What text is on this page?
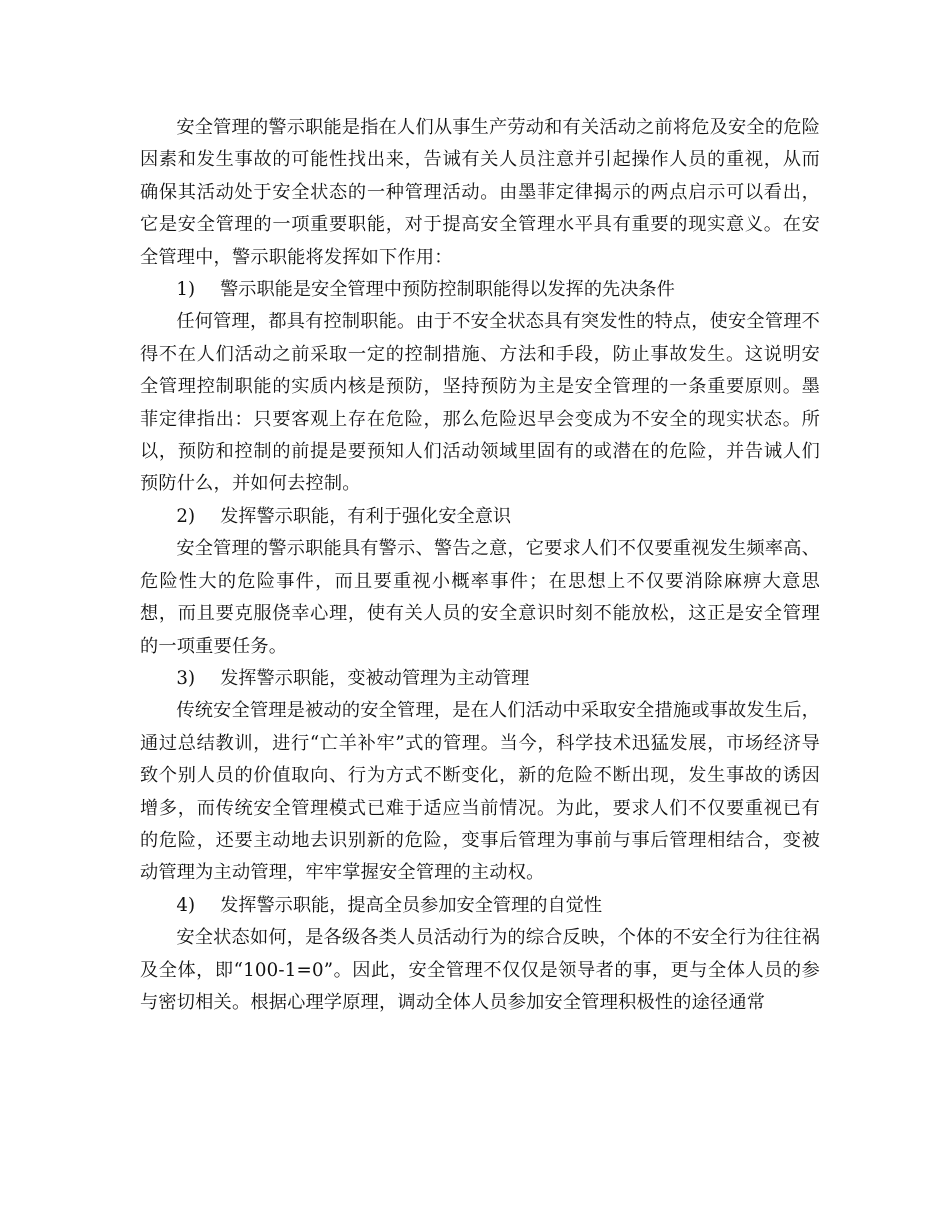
安全管理的警示职能是指在人们从事生产劳动和有关活动之前将危及安全的危险因素和发生事故的可能性找出来，告诫有关人员注意并引起操作人员的重视，从而确保其活动处于安全状态的一种管理活动。由墨菲定律揭示的两点启示可以看出，它是安全管理的一项重要职能，对于提高安全管理水平具有重要的现实意义。在安全管理中，警示职能将发挥如下作用：

1) 警示职能是安全管理中预防控制职能得以发挥的先决条件

任何管理，都具有控制职能。由于不安全状态具有突发性的特点，使安全管理不得不在人们活动之前采取一定的控制措施、方法和手段，防止事故发生。这说明安全管理控制职能的实质内核是预防，坚持预防为主是安全管理的一条重要原则。墨菲定律指出：只要客观上存在危险，那么危险迟早会变成为不安全的现实状态。所以，预防和控制的前提是要预知人们活动领域里固有的或潜在的危险，并告诫人们预防什么，并如何去控制。

2) 发挥警示职能，有利于强化安全意识

安全管理的警示职能具有警示、警告之意，它要求人们不仅要重视发生频率高、危险性大的危险事件，而且要重视小概率事件；在思想上不仅要消除麻痹大意思想，而且要克服侥幸心理，使有关人员的安全意识时刻不能放松，这正是安全管理的一项重要任务。

3) 发挥警示职能，变被动管理为主动管理

传统安全管理是被动的安全管理，是在人们活动中采取安全措施或事故发生后，通过总结教训，进行“亡羊补牢”式的管理。当今，科学技术迅猛发展，市场经济导致个别人员的价值取向、行为方式不断变化，新的危险不断出现，发生事故的诱因增多，而传统安全管理模式已难于适应当前情况。为此，要求人们不仅要重视已有的危险，还要主动地去识别新的危险，变事后管理为事前与事后管理相结合，变被动管理为主动管理，牢牢掌握安全管理的主动权。

4) 发挥警示职能，提高全员参加安全管理的自觉性

安全状态如何，是各级各类人员活动行为的综合反映，个体的不安全行为往往祸及全体，即“100-1=0”。因此，安全管理不仅仅是领导者的事，更与全体人员的参与密切相关。根据心理学原理，调动全体人员参加安全管理积极性的途径通常
